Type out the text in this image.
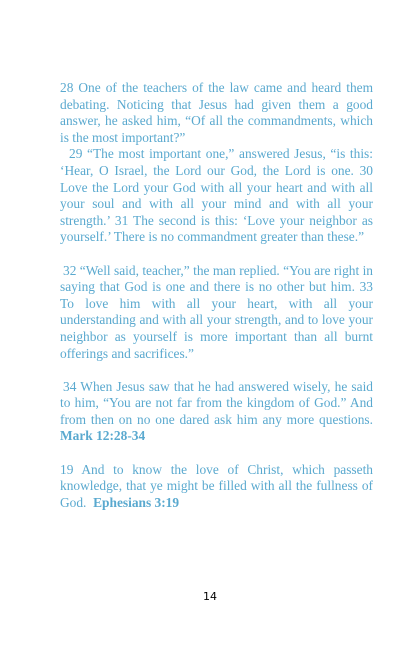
28 One of the teachers of the law came and heard them debating. Noticing that Jesus had given them a good answer, he asked him, “Of all the commandments, which is the most important?”

29 “The most important one,” answered Jesus, “is this: ‘Hear, O Israel, the Lord our God, the Lord is one. 30 Love the Lord your God with all your heart and with all your soul and with all your mind and with all your strength.’ 31 The second is this: ‘Love your neighbor as yourself.’ There is no commandment greater than these.”

32 “Well said, teacher,” the man replied. “You are right in saying that God is one and there is no other but him. 33 To love him with all your heart, with all your understanding and with all your strength, and to love your neighbor as yourself is more important than all burnt offerings and sacrifices.”

34 When Jesus saw that he had answered wisely, he said to him, “You are not far from the kingdom of God.” And from then on no one dared ask him any more questions. Mark 12:28-34

19 And to know the love of Christ, which passeth knowledge, that ye might be filled with all the fullness of God. Ephesians 3:19

14
